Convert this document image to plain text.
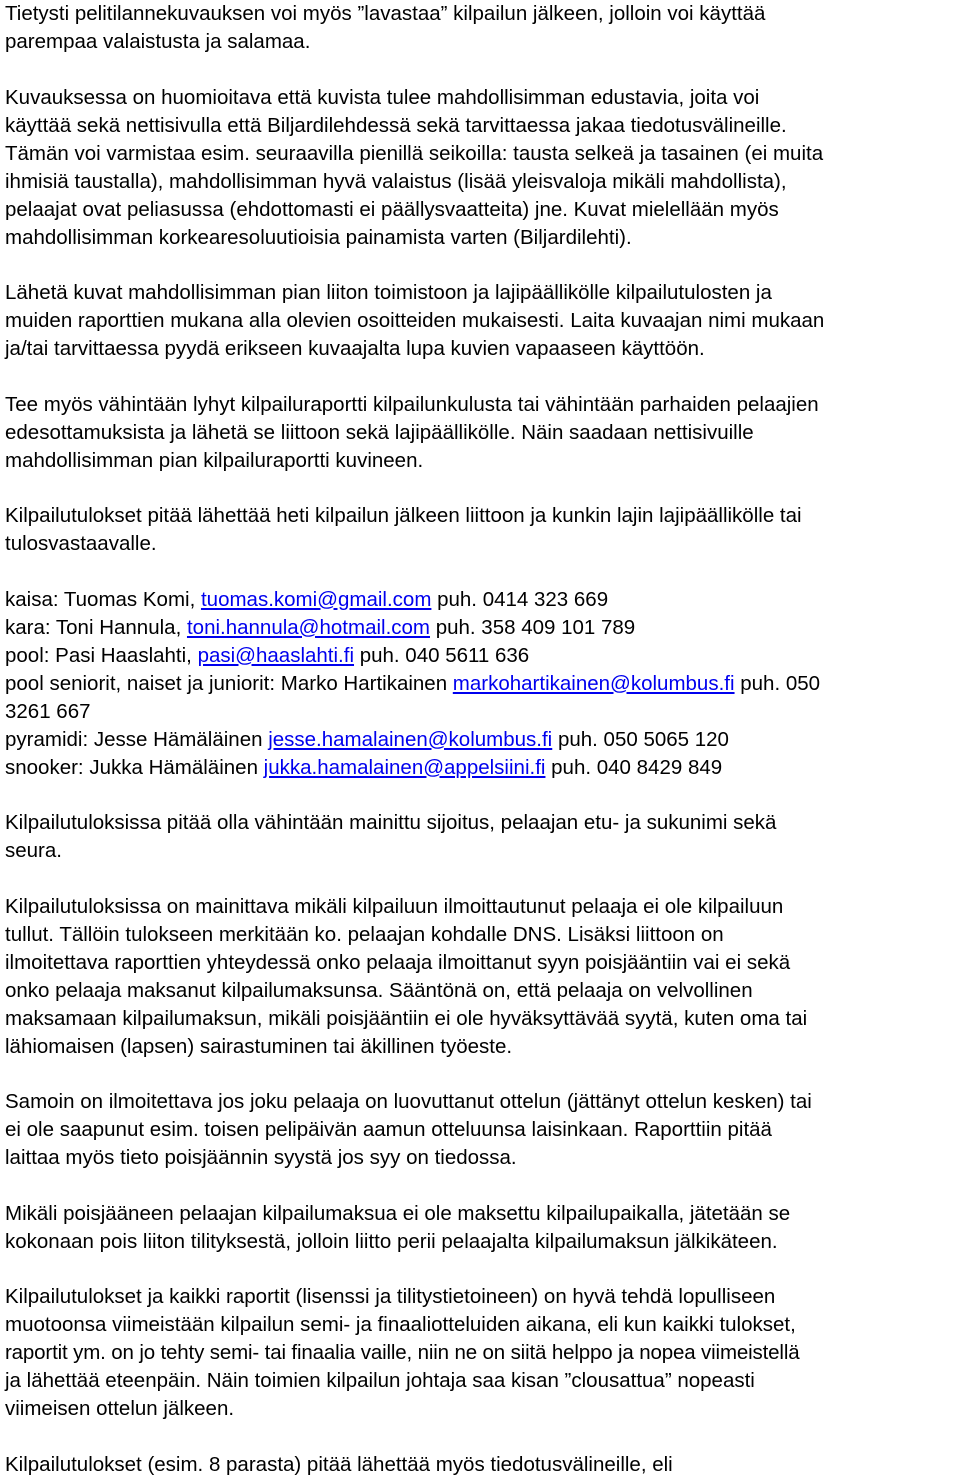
Tietysti pelitilannekuvauksen voi myös ”lavastaa” kilpailun jälkeen, jolloin voi käyttää
parempaa valaistusta ja salamaa.

Kuvauksessa on huomioitava että kuvista tulee mahdollisimman edustavia, joita voi
käyttää sekä nettisivulla että Biljardilehdessä sekä tarvittaessa jakaa tiedotusvälineille.
Tämän voi varmistaa esim. seuraavilla pienillä seikoilla: tausta selkeä ja tasainen (ei muita
ihmisiä taustalla), mahdollisimman hyvä valaistus (lisää yleisvaloja mikäli mahdollista),
pelaajat ovat peliasussa (ehdottomasti ei päällysvaatteita) jne. Kuvat mielellään myös
mahdollisimman korkearesoluutioisia painamista varten (Biljardilehti).

Lähetä kuvat mahdollisimman pian liiton toimistoon ja lajipäällikölle kilpailutulosten ja
muiden raporttien mukana alla olevien osoitteiden mukaisesti. Laita kuvaajan nimi mukaan
ja/tai tarvittaessa pyydä erikseen kuvaajalta lupa kuvien vapaaseen käyttöön.

Tee myös vähintään lyhyt kilpailuraportti kilpailunkulusta tai vähintään parhaiden pelaajien
edesottamuksista ja lähetä se liittoon sekä lajipäällikölle. Näin saadaan nettisivuille
mahdollisimman pian kilpailuraportti kuvineen.

Kilpailutulokset pitää lähettää heti kilpailun jälkeen liittoon ja kunkin lajin lajipäällikölle tai
tulosvastaavalle.

kaisa: Tuomas Komi, tuomas.komi@gmail.com puh. 0414 323 669

kara: Toni Hannula, toni.hannula@hotmail.com puh. 358 409 101 789

pool: Pasi Haaslahti, pasi@haaslahti.fi puh. 040 5611 636

pool seniorit, naiset ja juniorit: Marko Hartikainen markohartikainen@kolumbus.fi puh. 050

3261 667

pyramidi: Jesse Hämäläinen jesse.hamalainen@kolumbus.fi puh. 050 5065 120

snooker: Jukka Hämäläinen jukka.hamalainen@appelsiini.fi puh. 040 8429 849

Kilpailutuloksissa pitää olla vähintään mainittu sijoitus, pelaajan etu- ja sukunimi sekä
seura.

Kilpailutuloksissa on mainittava mikäli kilpailuun ilmoittautunut pelaaja ei ole kilpailuun
tullut. Tällöin tulokseen merkitään ko. pelaajan kohdalle DNS. Lisäksi liittoon on
ilmoitettava raporttien yhteydessä onko pelaaja ilmoittanut syyn poisjääntiin vai ei sekä
onko pelaaja maksanut kilpailumaksunsa. Sääntönä on, että pelaaja on velvollinen
maksamaan kilpailumaksun, mikäli poisjääntiin ei ole hyväksyttävää syytä, kuten oma tai
lähiomaisen (lapsen) sairastuminen tai äkillinen työeste.

Samoin on ilmoitettava jos joku pelaaja on luovuttanut ottelun (jättänyt ottelun kesken) tai
ei ole saapunut esim. toisen pelipäivän aamun otteluunsa laisinkaan. Raporttiin pitää
laittaa myös tieto poisjäännin syystä jos syy on tiedossa.

Mikäli poisjääneen pelaajan kilpailumaksua ei ole maksettu kilpailupaikalla, jätetään se
kokonaan pois liiton tilityksestä, jolloin liitto perii pelaajalta kilpailumaksun jälkikäteen.

Kilpailutulokset ja kaikki raportit (lisenssi ja tilitystietoineen) on hyvä tehdä lopulliseen
muotoonsa viimeistään kilpailun semi- ja finaaliotteluiden aikana, eli kun kaikki tulokset,
raportit ym. on jo tehty semi- tai finaalia vaille, niin ne on siitä helppo ja nopea viimeistellä
ja lähettää eteenpäin. Näin toimien kilpailun johtaja saa kisan ”clousattua” nopeasti
viimeisen ottelun jälkeen.

Kilpailutulokset (esim. 8 parasta) pitää lähettää myös tiedotusvälineille, eli
